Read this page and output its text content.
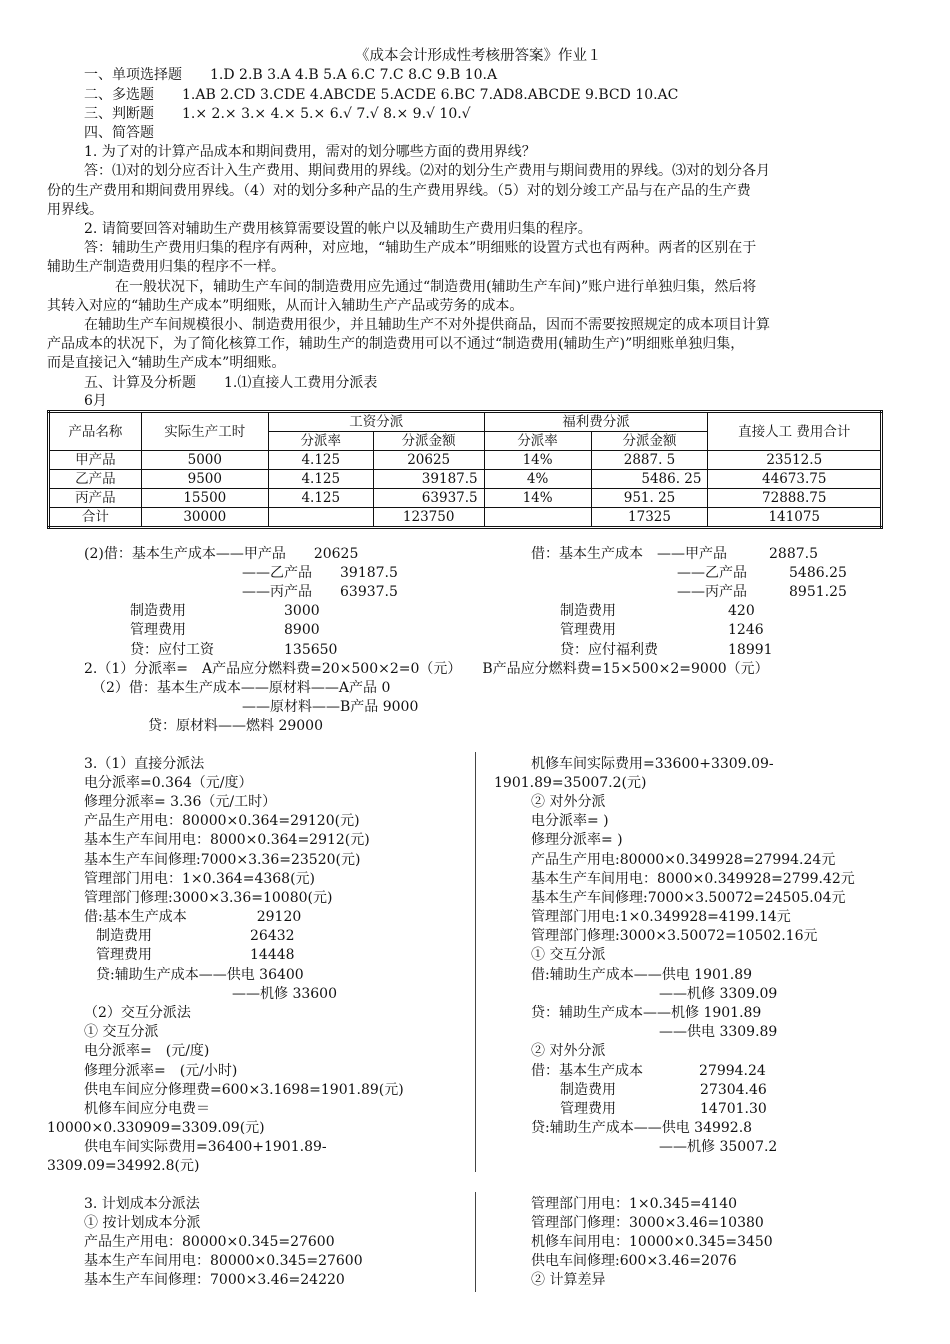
《成本会计形成性考核册答案》作业１
一、单项选择题　　1.D 2.B 3.A 4.B 5.A 6.C 7.C 8.C 9.B 10.A
二、多选题　　1.AB 2.CD 3.CDE 4.ABCDE 5.ACDE 6.BC 7.AD8.ABCDE 9.BCD 10.AC
三、判断题　　1.× 2.× 3.× 4.× 5.× 6.√ 7.√ 8.× 9.√ 10.√
四、简答题
1. 为了对的计算产品成本和期间费用，需对的划分哪些方面的费用界线？
答：⑴对的划分应否计入生产费用、期间费用的界线。⑵对的划分生产费用与期间费用的界线。⑶对的划分各月
份的生产费用和期间费用界线。（4）对的划分多种产品的生产费用界线。（5）对的划分竣工产品与在产品的生产费
用界线。
2. 请简要回答对辅助生产费用核算需要设置的帐户以及辅助生产费用归集的程序。
答：辅助生产费用归集的程序有两种，对应地，“辅助生产成本”明细账的设置方式也有两种。两者的区别在于
辅助生产制造费用归集的程序不一样。
在一般状况下，辅助生产车间的制造费用应先通过“制造费用(辅助生产车间)”账户进行单独归集，然后将
其转入对应的“辅助生产成本”明细账，从而计入辅助生产产品或劳务的成本。
在辅助生产车间规模很小、制造费用很少，并且辅助生产不对外提供商品，因而不需要按照规定的成本项目计算
产品成本的状况下，为了简化核算工作，辅助生产的制造费用可以不通过“制造费用(辅助生产)”明细账单独归集，
而是直接记入“辅助生产成本”明细账。
五、计算及分析题　　1.⑴直接人工费用分派表
6月
产品名称	实际生产工时	工资分派		福利费分派		直接人工 费用合计
		分派率	分派金额	分派率	分派金额	
甲产品	5000	4.125	20625	14%	2887. 5	23512.5
乙产品	9500	4.125	39187.5	4%	5486. 25	44673.75
丙产品	15500	4.125	63937.5	14%	951. 25	72888.75
合计	30000		123750		17325	141075
(2)借：基本生产成本——甲产品　　20625
——乙产品　　39187.5
——丙产品　　63937.5
制造费用　　　　　　　3000
管理费用　　　　　　　8900
贷：应付工资　　　　　135650
借：基本生产成本　——甲产品　　　2887.5
——乙产品　　　5486.25
——丙产品　　　8951.25
制造费用　　　　　　　　420
管理费用　　　　　　　　1246
贷：应付福利费　　　　　18991
2.（1）分派率=　A产品应分燃料费=20×500×2=0（元）　　B产品应分燃料费=15×500×2=9000（元）
（2）借：基本生产成本——原材料——A产品 0
——原材料——B产品 9000
贷：原材料——燃料 29000
3.（1）直接分派法
电分派率=0.364（元/度）
修理分派率= 3.36（元/工时）
产品生产用电：80000×0.364=29120(元)
基本生产车间用电：8000×0.364=2912(元)
基本生产车间修理:7000×3.36=23520(元)
管理部门用电：1×0.364=4368(元)
管理部门修理:3000×3.36=10080(元)
借:基本生产成本　　　　　29120
制造费用　　　　　　　26432
管理费用　　　　　　　14448
贷:辅助生产成本——供电 36400
——机修 33600
（2）交互分派法
① 交互分派
电分派率=　(元/度)
修理分派率=　(元/小时)
供电车间应分修理费=600×3.1698=1901.89(元)
机修车间应分电费＝
10000×0.330909=3309.09(元)
供电车间实际费用=36400+1901.89-
3309.09=34992.8(元)
机修车间实际费用=33600+3309.09-
1901.89=35007.2(元)
② 对外分派
电分派率= )
修理分派率= )
产品生产用电:80000×0.349928=27994.24元
基本生产车间用电：8000×0.349928=2799.42元
基本生产车间修理:7000×3.50072=24505.04元
管理部门用电:1×0.349928=4199.14元
管理部门修理:3000×3.50072=10502.16元
① 交互分派
借:辅助生产成本——供电 1901.89
——机修 3309.09
贷：辅助生产成本——机修 1901.89
——供电 3309.89
② 对外分派
借：基本生产成本　　　　27994.24
制造费用　　　　　　27304.46
管理费用　　　　　　14701.30
贷:辅助生产成本——供电 34992.8
——机修 35007.2
3. 计划成本分派法
① 按计划成本分派
产品生产用电：80000×0.345=27600
基本生产车间用电：80000×0.345=27600
基本生产车间修理：7000×3.46=24220
管理部门用电：1×0.345=4140
管理部门修理：3000×3.46=10380
机修车间用电：10000×0.345=3450
供电车间修理:600×3.46=2076
② 计算差异
